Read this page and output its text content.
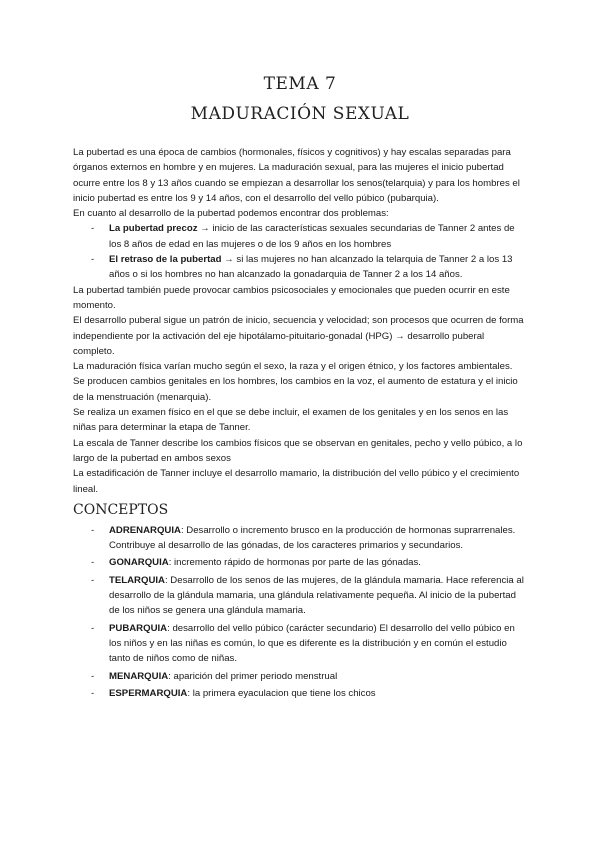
TEMA 7
MADURACIÓN SEXUAL

La pubertad es una época de cambios (hormonales, físicos y cognitivos) y hay escalas separadas para órganos externos en hombre y en mujeres. La maduración sexual, para las mujeres el inicio pubertad ocurre entre los 8 y 13 años cuando se empiezan a desarrollar los senos(telarquia) y para los hombres el inicio pubertad es entre los 9 y 14 años, con el desarrollo del vello púbico (pubarquia).

En cuanto al desarrollo de la pubertad podemos encontrar dos problemas:

- La pubertad precoz → inicio de las características sexuales secundarias de Tanner 2 antes de los 8 años de edad en las mujeres o de los 9 años en los hombres
- El retraso de la pubertad → si las mujeres no han alcanzado la telarquia de Tanner 2 a los 13 años o si los hombres no han alcanzado la gonadarquia de Tanner 2 a los 14 años.

La pubertad también puede provocar cambios psicosociales y emocionales que pueden ocurrir en este momento.

El desarrollo puberal sigue un patrón de inicio, secuencia y velocidad; son procesos que ocurren de forma independiente por la activación del eje hipotálamo-pituitario-gonadal (HPG) → desarrollo puberal completo.

La maduración física varían mucho según el sexo, la raza y el origen étnico, y los factores ambientales.

Se producen cambios genitales en los hombres, los cambios en la voz, el aumento de estatura y el inicio de la menstruación (menarquia).

Se realiza un examen físico en el que se debe incluir, el examen de los genitales y en los senos en las niñas para determinar la etapa de Tanner.

La escala de Tanner describe los cambios físicos que se observan en genitales, pecho y vello púbico, a lo largo de la pubertad en ambos sexos

La estadificación de Tanner incluye el desarrollo mamario, la distribución del vello púbico y el crecimiento lineal.

CONCEPTOS
- ADRENARQUIA: Desarrollo o incremento brusco en la producción de hormonas suprarrenales. Contribuye al desarrollo de las gónadas, de los caracteres primarios y secundarios.
- GONARQUIA: incremento rápido de hormonas por parte de las gónadas.
- TELARQUIA: Desarrollo de los senos de las mujeres, de la glándula mamaria. Hace referencia al desarrollo de la glándula mamaria, una glándula relativamente pequeña. Al inicio de la pubertad de los niños se genera una glándula mamaria.
- PUBARQUIA: desarrollo del vello púbico (carácter secundario) El desarrollo del vello púbico en los niños y en las niñas es común, lo que es diferente es la distribución y en común el estudio tanto de niños como de niñas.
- MENARQUIA: aparición del primer periodo menstrual
- ESPERMARQUIA: la primera eyaculacion que tiene los chicos
